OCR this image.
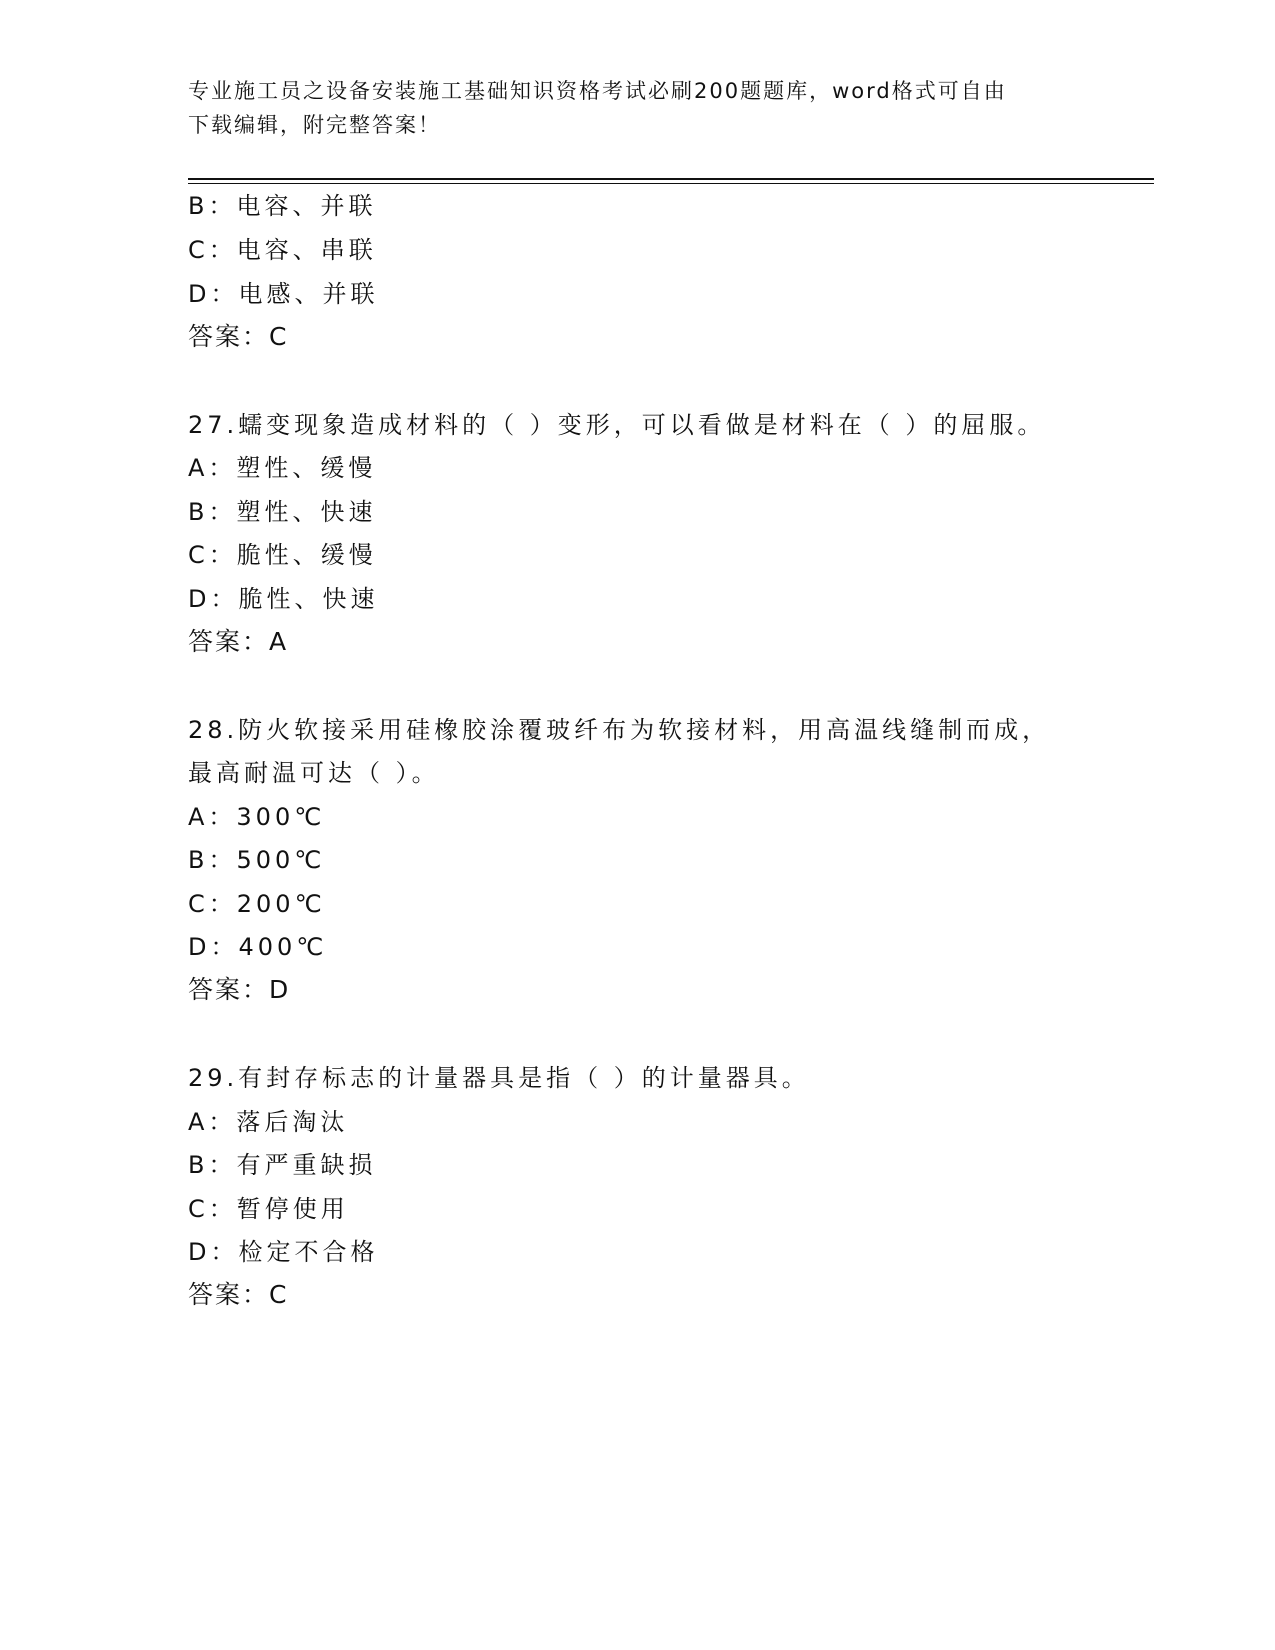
专业施工员之设备安装施工基础知识资格考试必刷200题题库，word格式可自由
下载编辑，附完整答案！
B：电容、并联
C：电容、串联
D：电感、并联
答案：C
27.蠕变现象造成材料的（ ）变形，可以看做是材料在（ ）的屈服。
A：塑性、缓慢
B：塑性、快速
C：脆性、缓慢
D：脆性、快速
答案：A
28.防火软接采用硅橡胶涂覆玻纤布为软接材料，用高温线缝制而成，
最高耐温可达（ ）。
A：300℃
B：500℃
C：200℃
D：400℃
答案：D
29.有封存标志的计量器具是指（ ）的计量器具。
A：落后淘汰
B：有严重缺损
C：暂停使用
D：检定不合格
答案：C
